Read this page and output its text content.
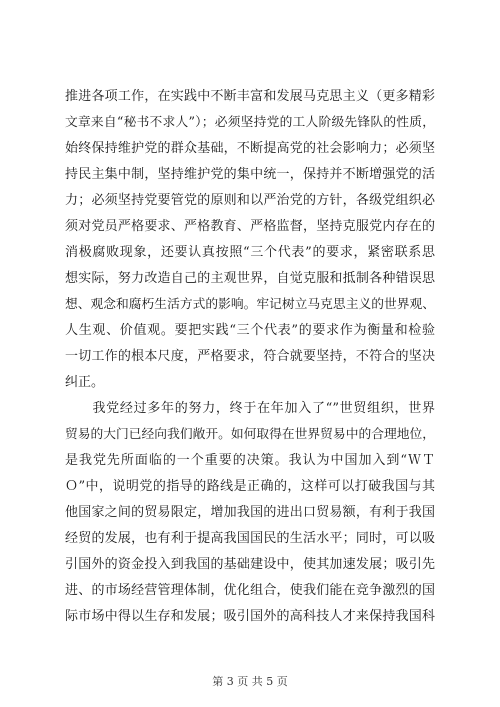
推进各项工作，在实践中不断丰富和发展马克思主义（更多精彩
文章来自“秘书不求人”）；必须坚持党的工人阶级先锋队的性质，
始终保持维护党的群众基础，不断提高党的社会影响力；必须坚
持民主集中制，坚持维护党的集中统一，保持并不断增强党的活
力；必须坚持党要管党的原则和以严治党的方针，各级党组织必
须对党员严格要求、严格教育、严格监督，坚持克服党内存在的
消极腐败现象，还要认真按照“三个代表”的要求，紧密联系思
想实际，努力改造自己的主观世界，自觉克服和抵制各种错误思
想、观念和腐朽生活方式的影响。牢记树立马克思主义的世界观、
人生观、价值观。要把实践“三个代表”的要求作为衡量和检验
一切工作的根本尺度，严格要求，符合就要坚持，不符合的坚决
纠正。
　　我党经过多年的努力，终于在年加入了“”世贸组织，世界
贸易的大门已经向我们敞开。如何取得在世界贸易中的合理地位，
是我党先所面临的一个重要的决策。我认为中国加入到“ＷＴ
Ｏ”中，说明党的指导的路线是正确的，这样可以打破我国与其
他国家之间的贸易限定，增加我国的进出口贸易额，有利于我国
经贸的发展，也有利于提高我国国民的生活水平；同时，可以吸
引国外的资金投入到我国的基础建设中，使其加速发展；吸引先
进、的市场经营管理体制，优化组合，使我们能在竞争激烈的国
际市场中得以生存和发展；吸引国外的高科技人才来保持我国科
第 3 页 共 5 页
